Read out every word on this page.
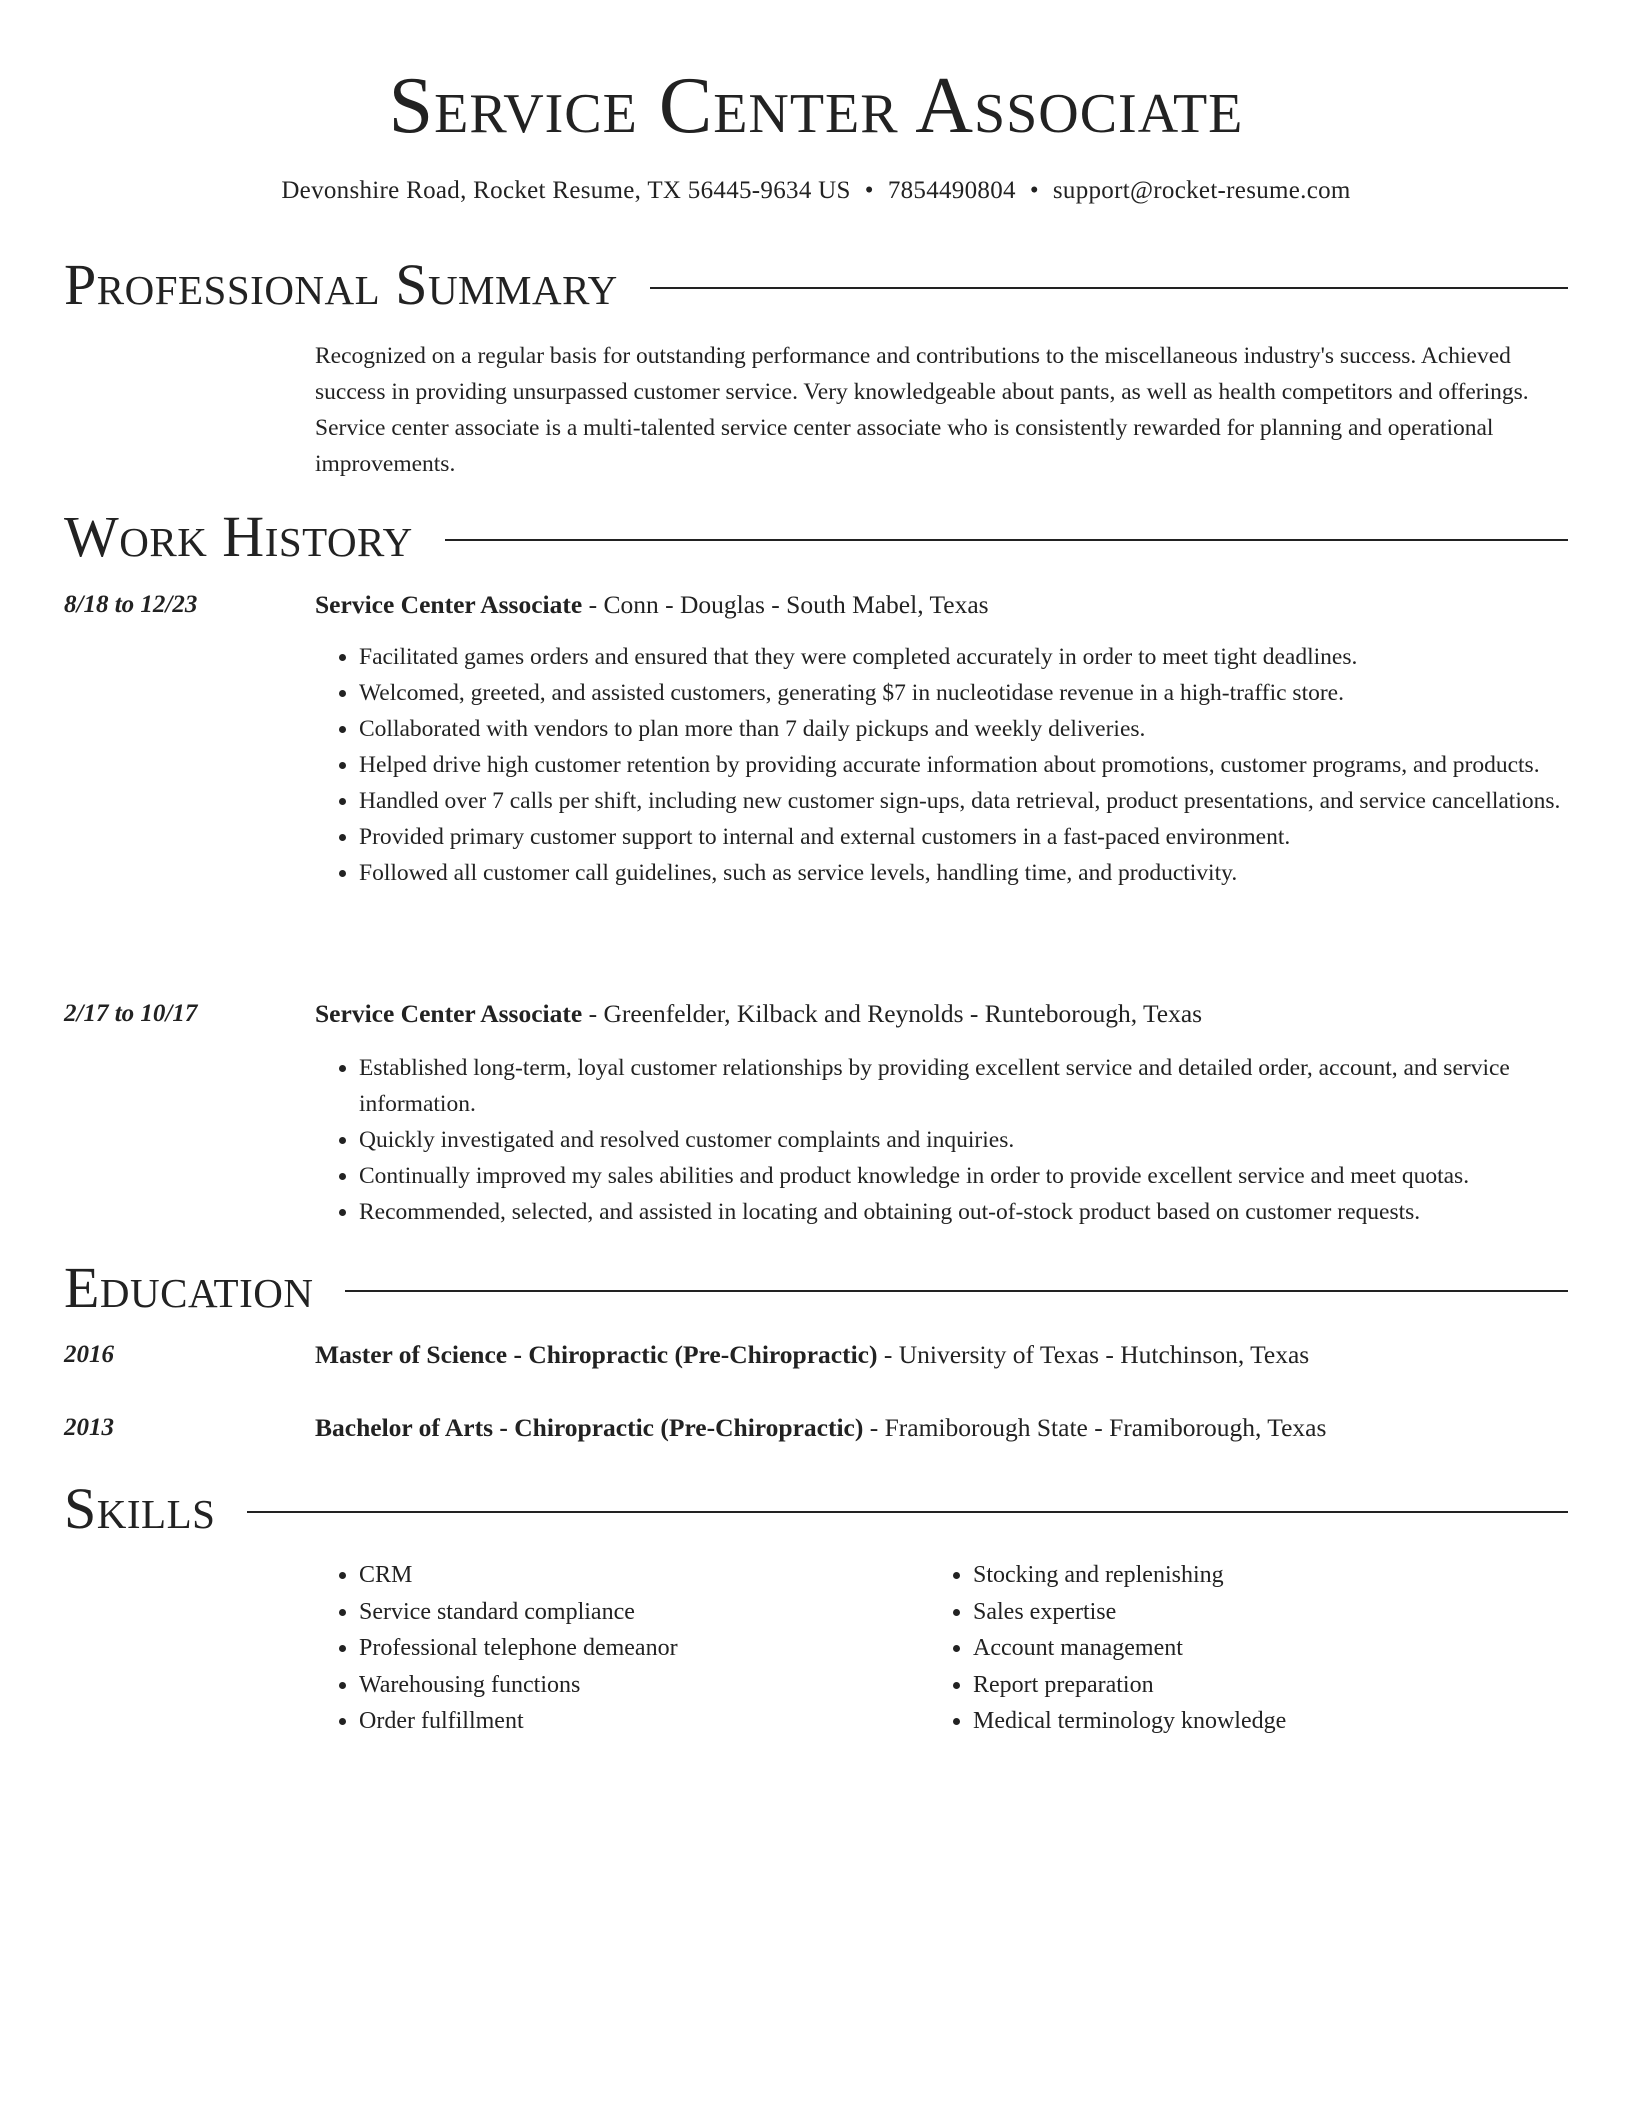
Service Center Associate
Devonshire Road, Rocket Resume, TX 56445-9634 US • 7854490804 • support@rocket-resume.com
Professional Summary
Recognized on a regular basis for outstanding performance and contributions to the miscellaneous industry's success. Achieved success in providing unsurpassed customer service. Very knowledgeable about pants, as well as health competitors and offerings. Service center associate is a multi-talented service center associate who is consistently rewarded for planning and operational improvements.
Work History
8/18 to 12/23	Service Center Associate - Conn - Douglas - South Mabel, Texas
• Facilitated games orders and ensured that they were completed accurately in order to meet tight deadlines.
• Welcomed, greeted, and assisted customers, generating $7 in nucleotidase revenue in a high-traffic store.
• Collaborated with vendors to plan more than 7 daily pickups and weekly deliveries.
• Helped drive high customer retention by providing accurate information about promotions, customer programs, and products.
• Handled over 7 calls per shift, including new customer sign-ups, data retrieval, product presentations, and service cancellations.
• Provided primary customer support to internal and external customers in a fast-paced environment.
• Followed all customer call guidelines, such as service levels, handling time, and productivity.
2/17 to 10/17	Service Center Associate - Greenfelder, Kilback and Reynolds - Runteborough, Texas
• Established long-term, loyal customer relationships by providing excellent service and detailed order, account, and service information.
• Quickly investigated and resolved customer complaints and inquiries.
• Continually improved my sales abilities and product knowledge in order to provide excellent service and meet quotas.
• Recommended, selected, and assisted in locating and obtaining out-of-stock product based on customer requests.
Education
2016	Master of Science - Chiropractic (Pre-Chiropractic) - University of Texas - Hutchinson, Texas
2013	Bachelor of Arts - Chiropractic (Pre-Chiropractic) - Framiborough State - Framiborough, Texas
Skills
• CRM
• Service standard compliance
• Professional telephone demeanor
• Warehousing functions
• Order fulfillment
• Stocking and replenishing
• Sales expertise
• Account management
• Report preparation
• Medical terminology knowledge
